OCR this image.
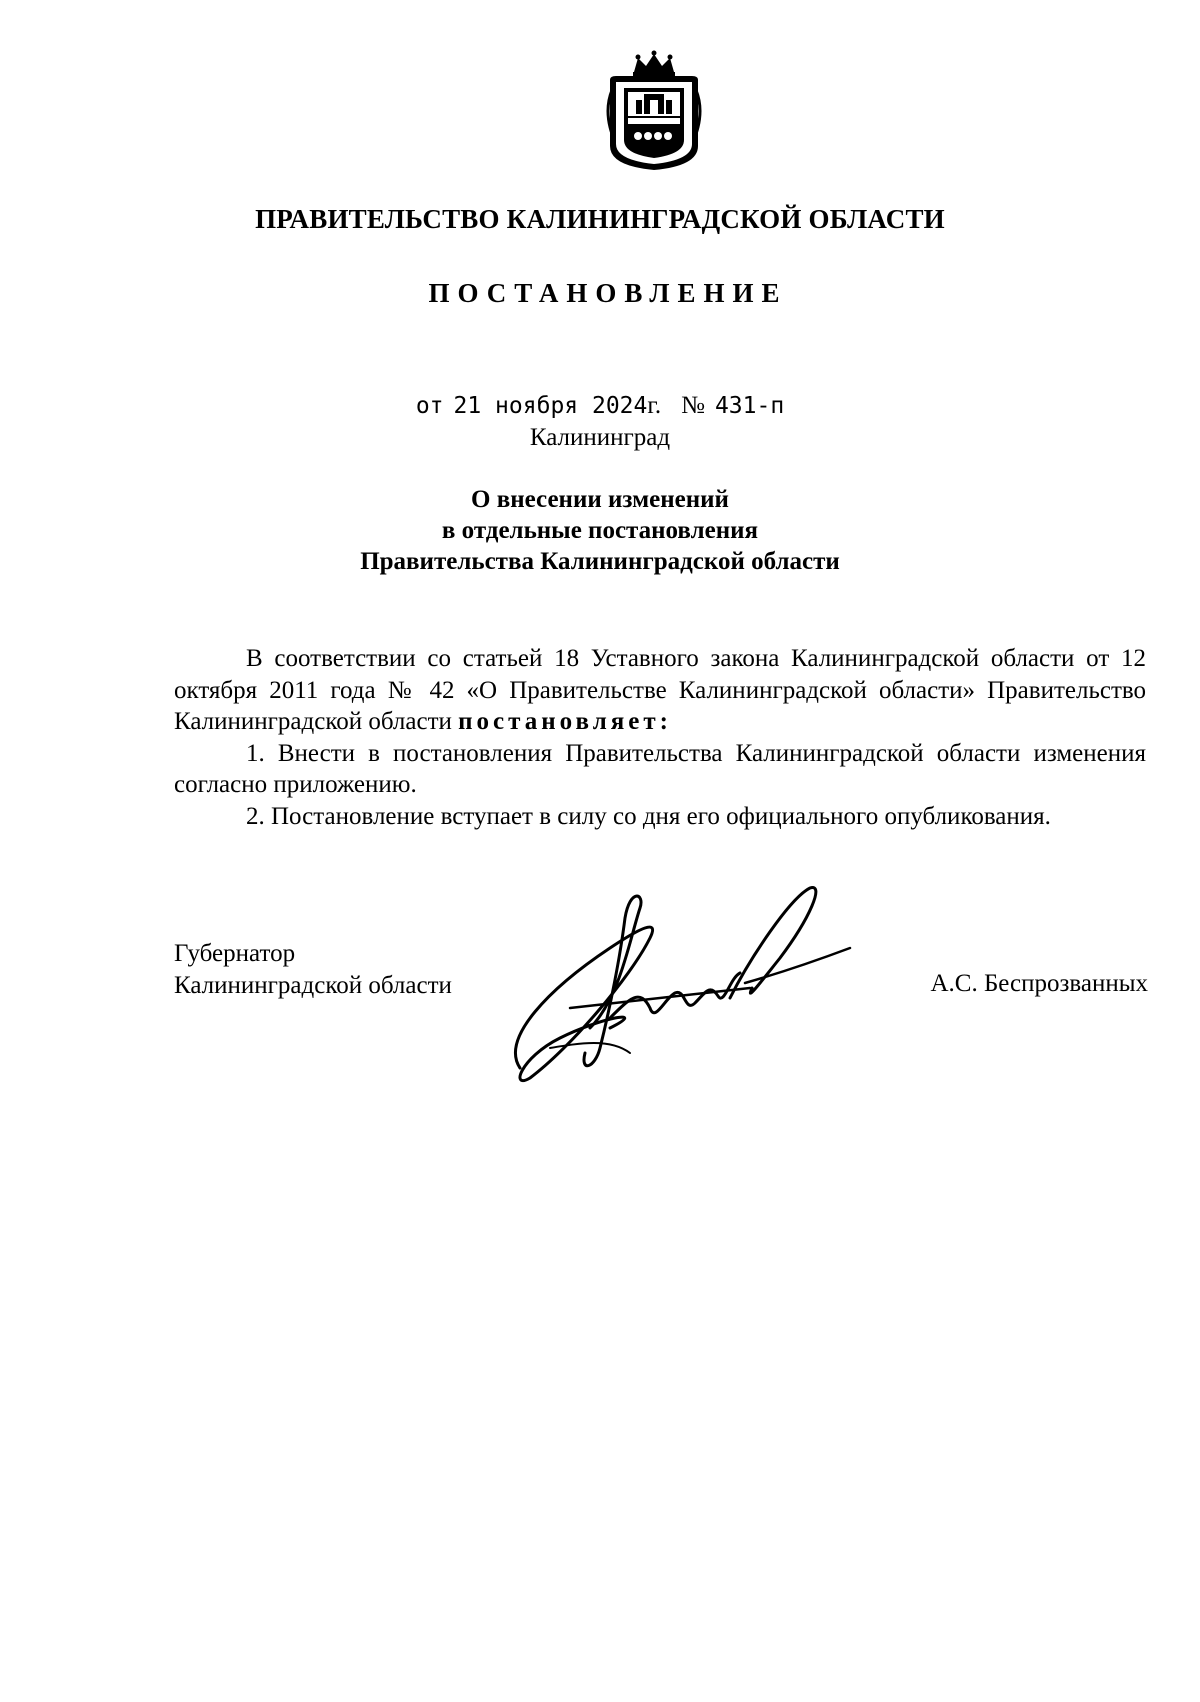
ПРАВИТЕЛЬСТВО КАЛИНИНГРАДСКОЙ ОБЛАСТИ
ПОСТАНОВЛЕНИЕ
от 21 ноября 2024г. № 431-п
Калининград
О внесении изменений
в отдельные постановления
Правительства Калининградской области

В соответствии со статьей 18 Уставного закона Калининградской области от 12 октября 2011 года № 42 «О Правительстве Калининградской области» Правительство Калининградской области постановляет:

1. Внести в постановления Правительства Калининградской области изменения согласно приложению.

2. Постановление вступает в силу со дня его официального опубликования.

Губернатор
Калининградской области	А.С. Беспрозванных
